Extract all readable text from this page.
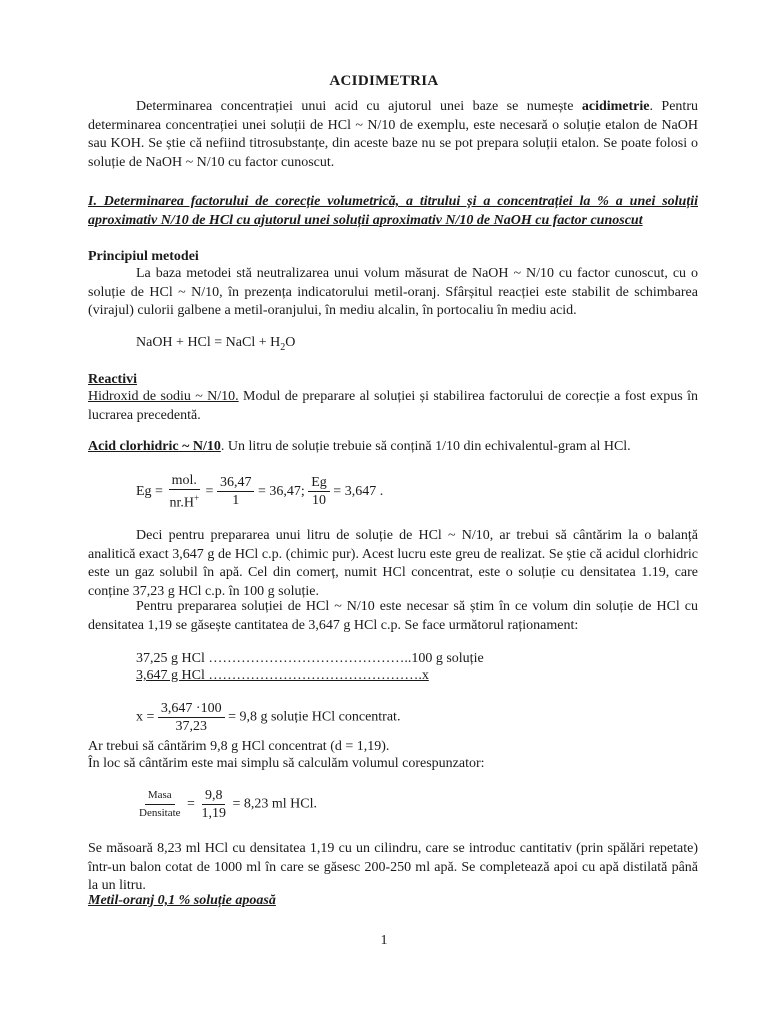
ACIDIMETRIA
Determinarea concentrației unui acid cu ajutorul unei baze se numește acidimetrie. Pentru determinarea concentrației unei soluții de HCl ~ N/10 de exemplu, este necesară o soluție etalon de NaOH sau KOH. Se știe că nefiind titrosubstanțe, din aceste baze nu se pot prepara soluții etalon. Se poate folosi o soluție de NaOH ~ N/10 cu factor cunoscut.
I. Determinarea factorului de corecție volumetrică, a titrului și a concentrației la % a unei soluții aproximativ N/10 de HCl cu ajutorul unei soluții aproximativ N/10 de NaOH cu factor cunoscut
Principiul metodei
La baza metodei stă neutralizarea unui volum măsurat de NaOH ~ N/10 cu factor cunoscut, cu o soluție de HCl ~ N/10, în prezența indicatorului metil-oranj. Sfârșitul reacției este stabilit de schimbarea (virajul) culorii galbene a metil-oranjului, în mediu alcalin, în portocaliu în mediu acid.
NaOH + HCl = NaCl + $H_2O$
Reactivi
Hidroxid de sodiu ~ N/10. Modul de preparare al soluției și stabilirea factorului de corecție a fost expus în lucrarea precedentă.
Acid clorhidric ~ N/10. Un litru de soluție trebuie să conțină 1/10 din echivalentul-gram al HCl.
$Eg = \frac{\text{mol.}}{nr.H^+} = \frac{36,47}{1} = 36,47$; $\frac{Eg}{10} = 3,647$ .
Deci pentru prepararea unui litru de soluție de HCl ~ N/10, ar trebui să cântărim la o balanță analitică exact 3,647 g de HCl c.p. (chimic pur). Acest lucru este greu de realizat. Se știe că acidul clorhidric este un gaz solubil în apă. Cel din comerț, numit HCl concentrat, este o soluție cu densitatea 1.19, care conține 37,23 g HCl c.p. în 100 g soluție.
Pentru prepararea soluției de HCl ~ N/10 este necesar să știm în ce volum din soluție de HCl cu densitatea 1,19 se găsește cantitatea de 3,647 g HCl c.p. Se face următorul raționament:
37,25 g HCl ……………………………………..100 g soluție
3,647 g HCl ……………………………………….x
$x = \frac{3,647 \cdot 100}{37,23} = 9,8$ g soluție HCl concentrat.
Ar trebui să cântărim 9,8 g HCl concentrat (d = 1,19).
În loc să cântărim este mai simplu să calculăm volumul corespunzator:
$\frac{\text{Masa}}{\text{Densitate}} = \frac{9,8}{1,19} = 8,23$ ml HCl.
Se măsoară 8,23 ml HCl cu densitatea 1,19 cu un cilindru, care se introduc cantitativ (prin spălări repetate) într-un balon cotat de 1000 ml în care se găsesc 200-250 ml apă. Se completează apoi cu apă distilată până la un litru.
Metil-oranj 0,1 % soluție apoasă
1
